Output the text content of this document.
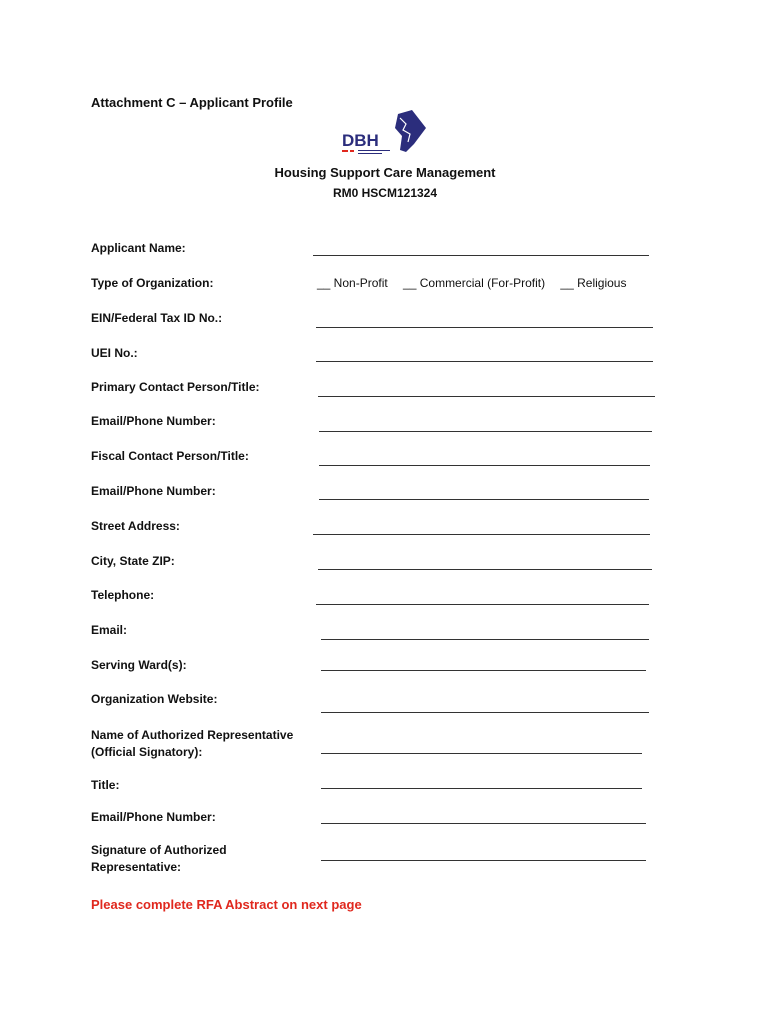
Attachment C – Applicant Profile
DBH
Housing Support Care Management
RM0 HSCM121324
Applicant Name:
Type of Organization:	__ Non-Profit __ Commercial (For-Profit) __ Religious
EIN/Federal Tax ID No.:
UEI No.:
Primary Contact Person/Title:
Email/Phone Number:
Fiscal Contact Person/Title:
Email/Phone Number:
Street Address:
City, State ZIP:
Telephone:
Email:
Serving Ward(s):
Organization Website:
Name of Authorized Representative
(Official Signatory):
Title:
Email/Phone Number:
Signature of Authorized
Representative:
Please complete RFA Abstract on next page
